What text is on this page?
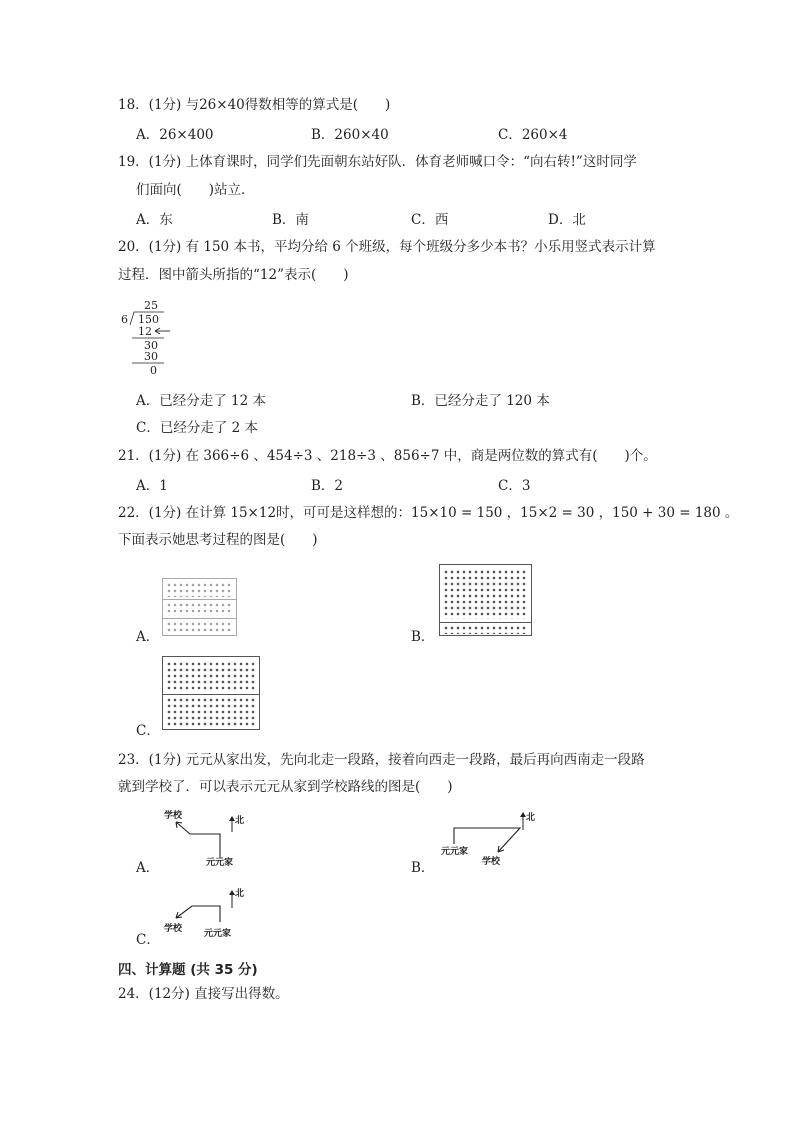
18．(1分) 与26×40得数相等的算式是(　　)
A．26×400	B．260×40	C．260×4
19．(1分) 上体育课时，同学们先面朝东站好队．体育老师喊口令：“向右转!”这时同学
们面向(　　)站立．
A．东	B．南	C．西	D．北
20．(1分) 有 150 本书，平均分给 6 个班级，每个班级分多少本书？小乐用竖式表示计算
过程．图中箭头所指的“12”表示(　　)
25
6 150
12
30
30
0
A．已经分走了 12 本	B．已经分走了 120 本
C．已经分走了 2 本
21．(1分) 在 366÷6 、454÷3 、218÷3 、856÷7 中，商是两位数的算式有(　　)个。
A．1	B．2	C．3
22．(1分) 在计算 15×12时，可可是这样想的：15×10 = 150 ，15×2 = 30 ，150 + 30 = 180 。
下面表示她思考过程的图是(　　)
A．	B．
C．
23．(1分) 元元从家出发，先向北走一段路，接着向西走一段路，最后再向西南走一段路
就到学校了．可以表示元元从家到学校路线的图是(　　)
A．
北
学校
元元家	B．
北
元元家
学校
C．
北
学校 元元家
四、计算题 (共 35 分)
24．(12分) 直接写出得数。
